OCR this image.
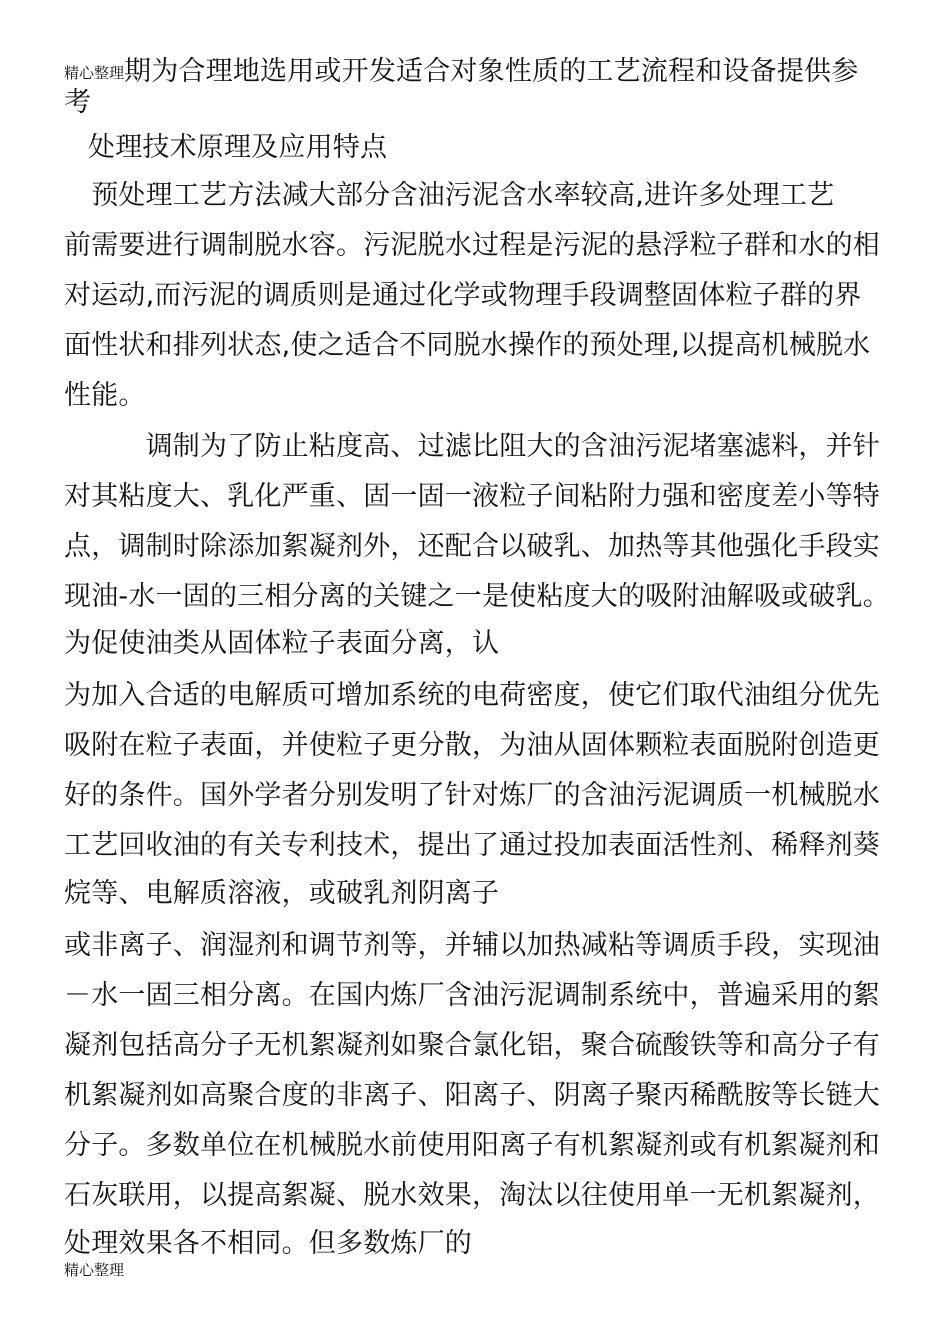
精心整理期为合理地选用或开发适合对象性质的工艺流程和设备提供参

考

处理技术原理及应用特点

　预处理工艺方法减大部分含油污泥含水率较高,进许多处理工艺

前需要进行调制脱水容。污泥脱水过程是污泥的悬浮粒子群和水的相

对运动,而污泥的调质则是通过化学或物理手段调整固体粒子群的界

面性状和排列状态,使之适合不同脱水操作的预处理,以提高机械脱水

性能。

　　　调制为了防止粘度高、过滤比阻大的含油污泥堵塞滤料，并针

对其粘度大、乳化严重、固一固一液粒子间粘附力强和密度差小等特

点，调制时除添加絮凝剂外，还配合以破乳、加热等其他强化手段实

现油-水一固的三相分离的关键之一是使粘度大的吸附油解吸或破乳。

为促使油类从固体粒子表面分离，认

为加入合适的电解质可增加系统的电荷密度，使它们取代油组分优先

吸附在粒子表面，并使粒子更分散，为油从固体颗粒表面脱附创造更

好的条件。国外学者分别发明了针对炼厂的含油污泥调质一机械脱水

工艺回收油的有关专利技术，提出了通过投加表面活性剂、稀释剂葵

烷等、电解质溶液，或破乳剂阴离子

或非离子、润湿剂和调节剂等，并辅以加热减粘等调质手段，实现油

－水一固三相分离。在国内炼厂含油污泥调制系统中，普遍采用的絮

凝剂包括高分子无机絮凝剂如聚合氯化铝，聚合硫酸铁等和高分子有

机絮凝剂如高聚合度的非离子、阳离子、阴离子聚丙稀酰胺等长链大

分子。多数单位在机械脱水前使用阳离子有机絮凝剂或有机絮凝剂和

石灰联用，以提高絮凝、脱水效果，淘汰以往使用单一无机絮凝剂，

处理效果各不相同。但多数炼厂的

精心整理
